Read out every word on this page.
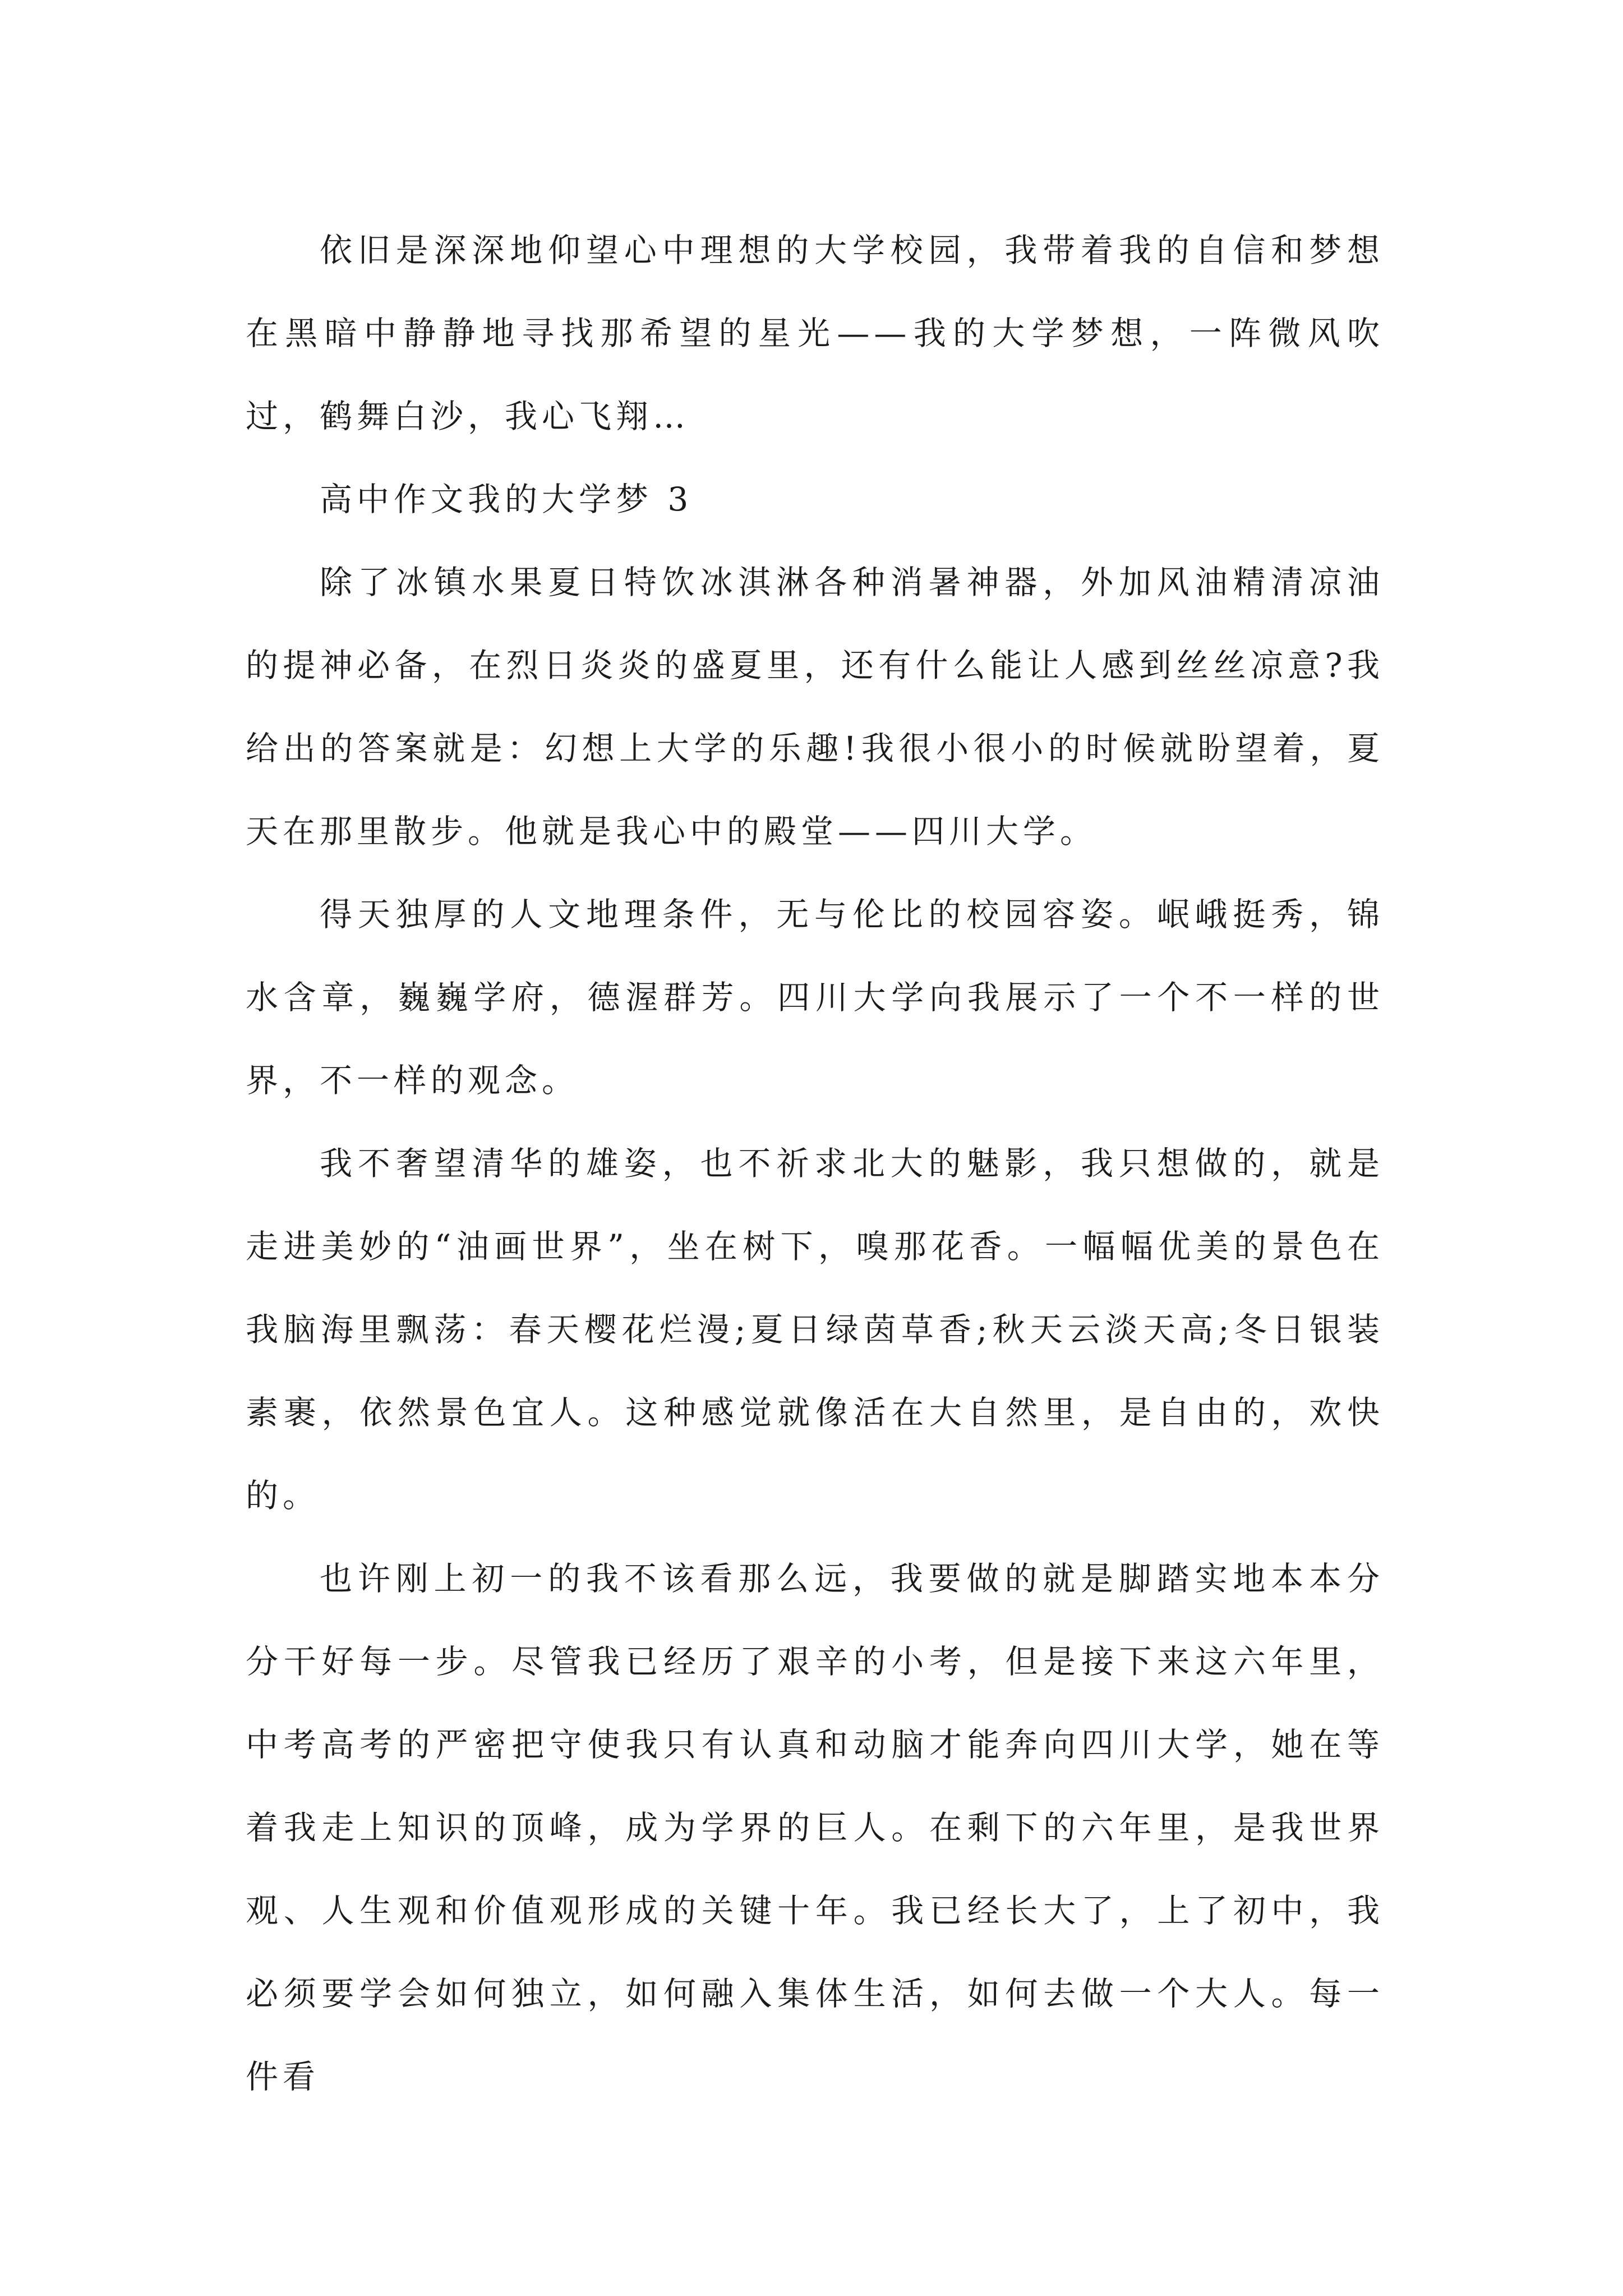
依旧是深深地仰望心中理想的大学校园，我带着我的自信和梦想在黑暗中静静地寻找那希望的星光——我的大学梦想，一阵微风吹过，鹤舞白沙，我心飞翔…

高中作文我的大学梦 3

除了冰镇水果夏日特饮冰淇淋各种消暑神器，外加风油精清凉油的提神必备，在烈日炎炎的盛夏里，还有什么能让人感到丝丝凉意?我给出的答案就是：幻想上大学的乐趣!我很小很小的时候就盼望着，夏天在那里散步。他就是我心中的殿堂——四川大学。

得天独厚的人文地理条件，无与伦比的校园容姿。岷峨挺秀，锦水含章，巍巍学府，德渥群芳。四川大学向我展示了一个不一样的世界，不一样的观念。

我不奢望清华的雄姿，也不祈求北大的魅影，我只想做的，就是走进美妙的“油画世界”，坐在树下，嗅那花香。一幅幅优美的景色在我脑海里飘荡：春天樱花烂漫;夏日绿茵草香;秋天云淡天高;冬日银装素裹，依然景色宜人。这种感觉就像活在大自然里，是自由的，欢快的。

也许刚上初一的我不该看那么远，我要做的就是脚踏实地本本分分干好每一步。尽管我已经历了艰辛的小考，但是接下来这六年里，中考高考的严密把守使我只有认真和动脑才能奔向四川大学，她在等着我走上知识的顶峰，成为学界的巨人。在剩下的六年里，是我世界观、人生观和价值观形成的关键十年。我已经长大了，上了初中，我必须要学会如何独立，如何融入集体生活，如何去做一个大人。每一件看
